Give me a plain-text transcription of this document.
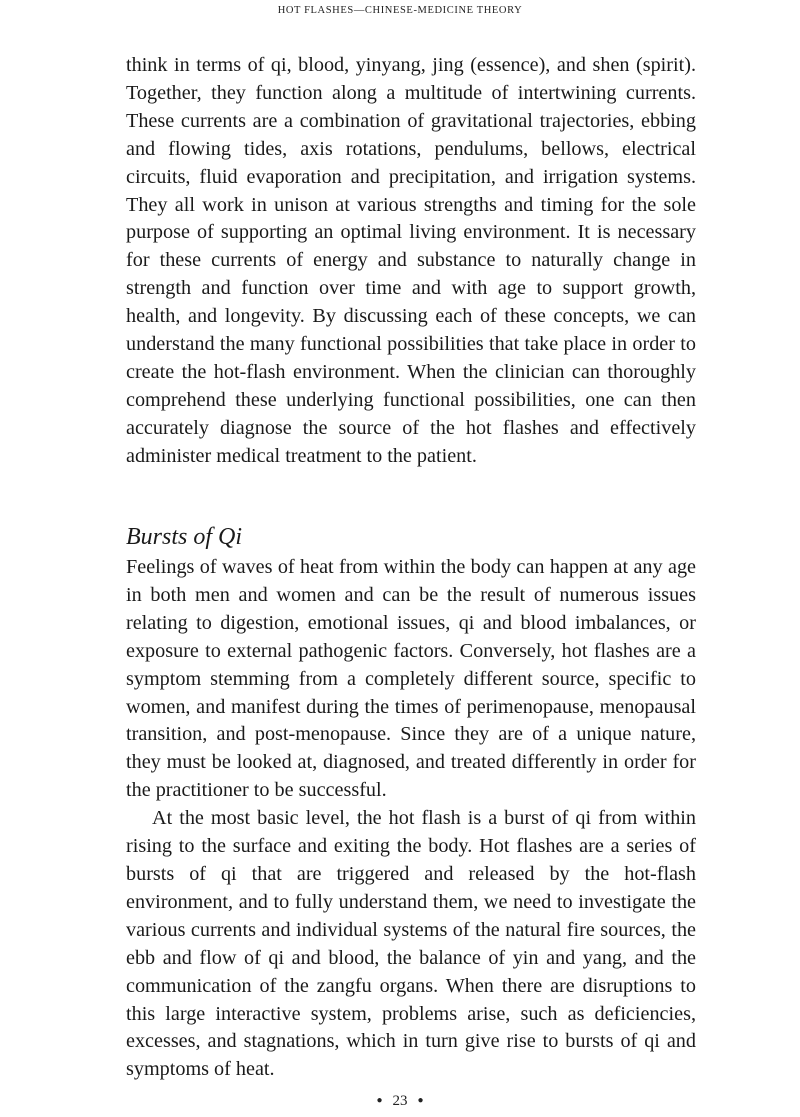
HOT FLASHES—CHINESE-MEDICINE THEORY

think in terms of qi, blood, yinyang, jing (essence), and shen (spirit). Together, they function along a multitude of intertwining currents. These currents are a combination of gravitational trajectories, ebbing and flowing tides, axis rotations, pendulums, bellows, electrical circuits, fluid evaporation and precipitation, and irrigation systems. They all work in unison at various strengths and timing for the sole purpose of supporting an optimal living environment. It is necessary for these currents of energy and substance to naturally change in strength and function over time and with age to support growth, health, and longevity. By discussing each of these concepts, we can understand the many functional possibilities that take place in order to create the hot-flash environment. When the clinician can thoroughly comprehend these underlying functional possibilities, one can then accurately diagnose the source of the hot flashes and effectively administer medical treatment to the patient.

Bursts of Qi

Feelings of waves of heat from within the body can happen at any age in both men and women and can be the result of numerous issues relating to digestion, emotional issues, qi and blood imbalances, or exposure to external pathogenic factors. Conversely, hot flashes are a symptom stemming from a completely different source, specific to women, and manifest during the times of perimenopause, menopausal transition, and post-menopause. Since they are of a unique nature, they must be looked at, diagnosed, and treated differently in order for the practitioner to be successful.

At the most basic level, the hot flash is a burst of qi from within rising to the surface and exiting the body. Hot flashes are a series of bursts of qi that are triggered and released by the hot-flash environment, and to fully understand them, we need to investigate the various currents and individual systems of the natural fire sources, the ebb and flow of qi and blood, the balance of yin and yang, and the communication of the zangfu organs. When there are disruptions to this large interactive system, problems arise, such as deficiencies, excesses, and stagnations, which in turn give rise to bursts of qi and symptoms of heat.

● 23 ●
